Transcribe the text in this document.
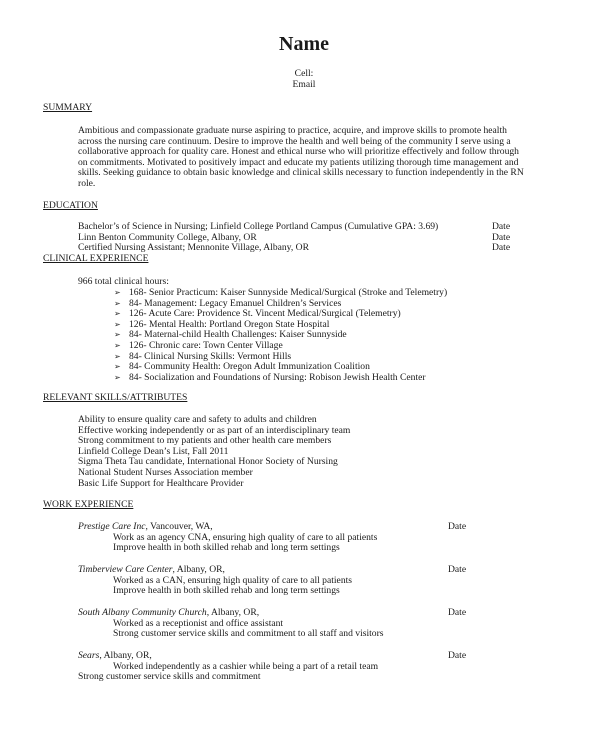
Name
Cell:
Email
SUMMARY
Ambitious and compassionate graduate nurse aspiring to practice, acquire, and improve skills to promote health across the nursing care continuum. Desire to improve the health and well being of the community I serve using a collaborative approach for quality care. Honest and ethical nurse who will prioritize effectively and follow through on commitments. Motivated to positively impact and educate my patients utilizing thorough time management and skills. Seeking guidance to obtain basic knowledge and clinical skills necessary to function independently in the RN role.
EDUCATION
Bachelor’s of Science in Nursing; Linfield College Portland Campus (Cumulative GPA: 3.69)	Date
Linn Benton Community College, Albany, OR	Date
Certified Nursing Assistant; Mennonite Village, Albany, OR	Date
CLINICAL EXPERIENCE
966 total clinical hours:
➢ 168- Senior Practicum: Kaiser Sunnyside Medical/Surgical (Stroke and Telemetry)
➢ 84- Management: Legacy Emanuel Children’s Services
➢ 126- Acute Care: Providence St. Vincent Medical/Surgical (Telemetry)
➢ 126- Mental Health: Portland Oregon State Hospital
➢ 84- Maternal-child Health Challenges: Kaiser Sunnyside
➢ 126- Chronic care: Town Center Village
➢ 84- Clinical Nursing Skills: Vermont Hills
➢ 84- Community Health: Oregon Adult Immunization Coalition
➢ 84- Socialization and Foundations of Nursing: Robison Jewish Health Center
RELEVANT SKILLS/ATTRIBUTES
Ability to ensure quality care and safety to adults and children
Effective working independently or as part of an interdisciplinary team
Strong commitment to my patients and other health care members
Linfield College Dean’s List, Fall 2011
Sigma Theta Tau candidate, International Honor Society of Nursing
National Student Nurses Association member
Basic Life Support for Healthcare Provider
WORK EXPERIENCE
Prestige Care Inc, Vancouver, WA,	Date
Work as an agency CNA, ensuring high quality of care to all patients
Improve health in both skilled rehab and long term settings
Timberview Care Center, Albany, OR,	Date
Worked as a CAN, ensuring high quality of care to all patients
Improve health in both skilled rehab and long term settings
South Albany Community Church, Albany, OR,	Date
Worked as a receptionist and office assistant
Strong customer service skills and commitment to all staff and visitors
Sears, Albany, OR,	Date
Worked independently as a cashier while being a part of a retail team
Strong customer service skills and commitment
